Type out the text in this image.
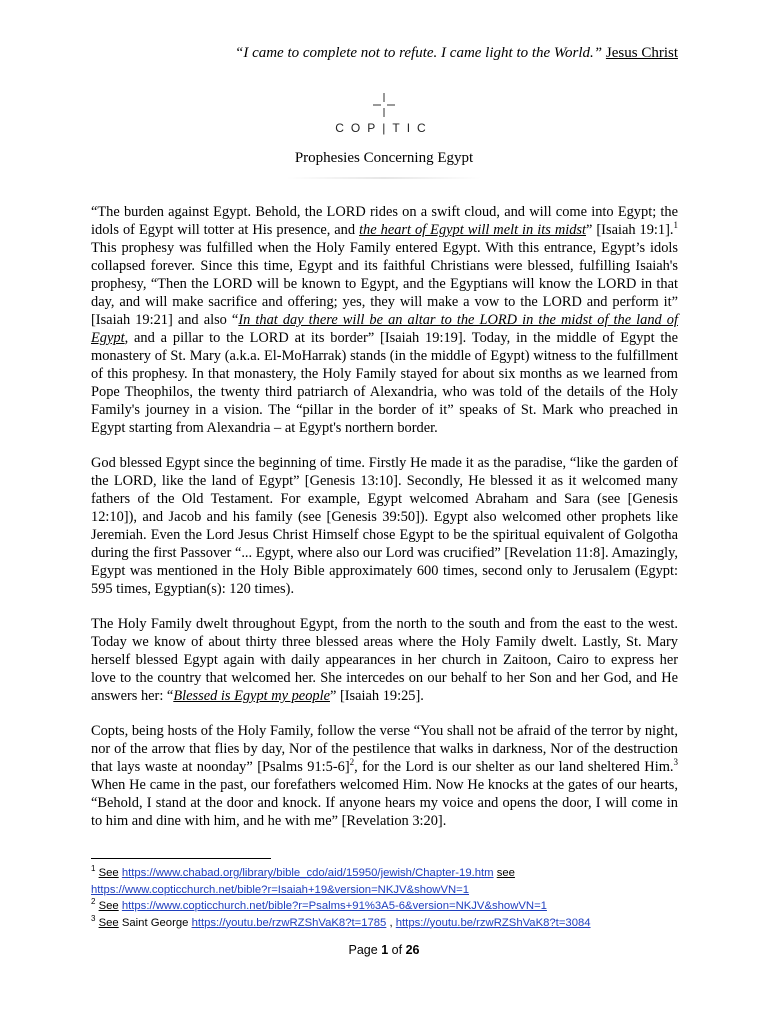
“I came to complete not to refute. I came light to the World.” Jesus Christ
COP|TIC
Prophesies Concerning Egypt

“The burden against Egypt. Behold, the LORD rides on a swift cloud, and will come into Egypt; the idols of Egypt will totter at His presence, and the heart of Egypt will melt in its midst” [Isaiah 19:1].$^1$ This prophesy was fulfilled when the Holy Family entered Egypt. With this entrance, Egypt’s idols collapsed forever. Since this time, Egypt and its faithful Christians were blessed, fulfilling Isaiah's prophesy, “Then the LORD will be known to Egypt, and the Egyptians will know the LORD in that day, and will make sacrifice and offering; yes, they will make a vow to the LORD and perform it” [Isaiah 19:21] and also “In that day there will be an altar to the LORD in the midst of the land of Egypt, and a pillar to the LORD at its border” [Isaiah 19:19]. Today, in the middle of Egypt the monastery of St. Mary (a.k.a. El-MoHarrak) stands (in the middle of Egypt) witness to the fulfillment of this prophesy. In that monastery, the Holy Family stayed for about six months as we learned from Pope Theophilos, the twenty third patriarch of Alexandria, who was told of the details of the Holy Family's journey in a vision. The “pillar in the border of it” speaks of St. Mark who preached in Egypt starting from Alexandria – at Egypt's northern border.

God blessed Egypt since the beginning of time. Firstly He made it as the paradise, “like the garden of the LORD, like the land of Egypt” [Genesis 13:10]. Secondly, He blessed it as it welcomed many fathers of the Old Testament. For example, Egypt welcomed Abraham and Sara (see [Genesis 12:10]), and Jacob and his family (see [Genesis 39:50]). Egypt also welcomed other prophets like Jeremiah. Even the Lord Jesus Christ Himself chose Egypt to be the spiritual equivalent of Golgotha during the first Passover “... Egypt, where also our Lord was crucified” [Revelation 11:8]. Amazingly, Egypt was mentioned in the Holy Bible approximately 600 times, second only to Jerusalem (Egypt: 595 times, Egyptian(s): 120 times).

The Holy Family dwelt throughout Egypt, from the north to the south and from the east to the west. Today we know of about thirty three blessed areas where the Holy Family dwelt. Lastly, St. Mary herself blessed Egypt again with daily appearances in her church in Zaitoon, Cairo to express her love to the country that welcomed her. She intercedes on our behalf to her Son and her God, and He answers her: “Blessed is Egypt my people” [Isaiah 19:25].

Copts, being hosts of the Holy Family, follow the verse “You shall not be afraid of the terror by night, nor of the arrow that flies by day, Nor of the pestilence that walks in darkness, Nor of the destruction that lays waste at noonday” [Psalms 91:5-6]$^2$, for the Lord is our shelter as our land sheltered Him.$^3$ When He came in the past, our forefathers welcomed Him. Now He knocks at the gates of our hearts, “Behold, I stand at the door and knock. If anyone hears my voice and opens the door, I will come in to him and dine with him, and he with me” [Revelation 3:20].

$^1$ See https://www.chabad.org/library/bible_cdo/aid/15950/jewish/Chapter-19.htm see
https://www.copticchurch.net/bible?r=Isaiah+19&version=NKJV&showVN=1
$^2$ See https://www.copticchurch.net/bible?r=Psalms+91%3A5-6&version=NKJV&showVN=1
$^3$ See Saint George https://youtu.be/rzwRZShVaK8?t=1785 , https://youtu.be/rzwRZShVaK8?t=3084
Page 1 of 26
